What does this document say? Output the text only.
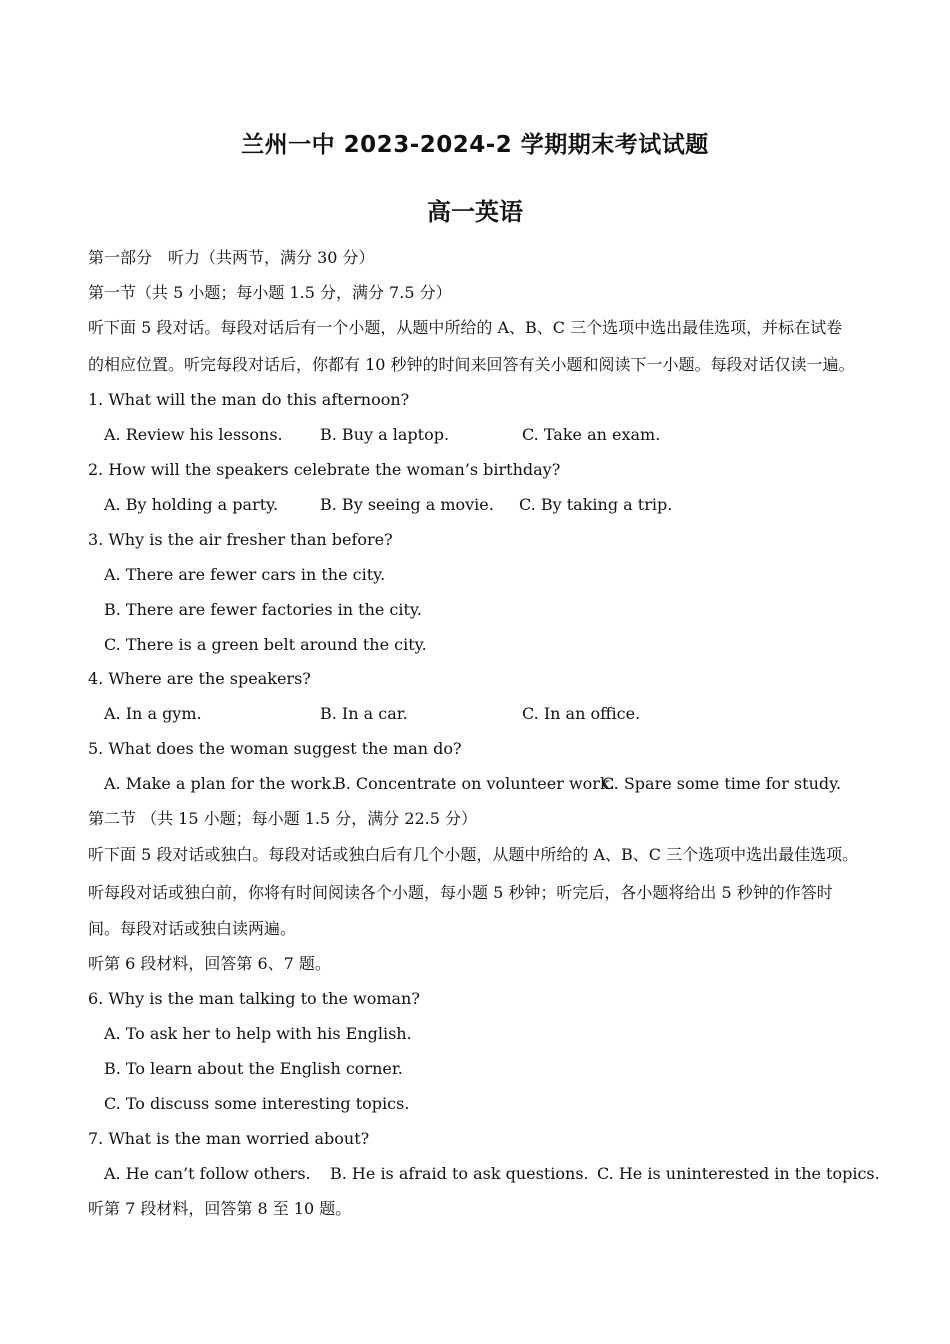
兰州一中 2023-2024-2 学期期末考试试题
高一英语
第一部分　听力（共两节，满分 30 分）
第一节（共 5 小题；每小题 1.5 分，满分 7.5 分）
听下面 5 段对话。每段对话后有一个小题，从题中所给的 A、B、C 三个选项中选出最佳选项，并标在试卷
的相应位置。听完每段对话后，你都有 10 秒钟的时间来回答有关小题和阅读下一小题。每段对话仅读一遍。
1. What will the man do this afternoon?
A. Review his lessons. B. Buy a laptop.	C. Take an exam.
2. How will the speakers celebrate the woman’s birthday?
A. By holding a party.	B. By seeing a movie. C. By taking a trip.
3. Why is the air fresher than before?
A. There are fewer cars in the city.
B. There are fewer factories in the city.
C. There is a green belt around the city.
4. Where are the speakers?
A. In a gym.	B. In a car.	C. In an office.
5. What does the woman suggest the man do?
A. Make a plan for the work.
B. Concentrate on volunteer work.
C. Spare some time for study.
第二节 （共 15 小题；每小题 1.5 分，满分 22.5 分）
听下面 5 段对话或独白。每段对话或独白后有几个小题，从题中所给的 A、B、C 三个选项中选出最佳选项。
听每段对话或独白前，你将有时间阅读各个小题，每小题 5 秒钟；听完后，各小题将给出 5 秒钟的作答时
间。每段对话或独白读两遍。
听第 6 段材料，回答第 6、7 题。
6. Why is the man talking to the woman?
A. To ask her to help with his English.
B. To learn about the English corner.
C. To discuss some interesting topics.
7. What is the man worried about?
A. He can’t follow others. B. He is afraid to ask questions. C. He is uninterested in the topics.
听第 7 段材料，回答第 8 至 10 题。
